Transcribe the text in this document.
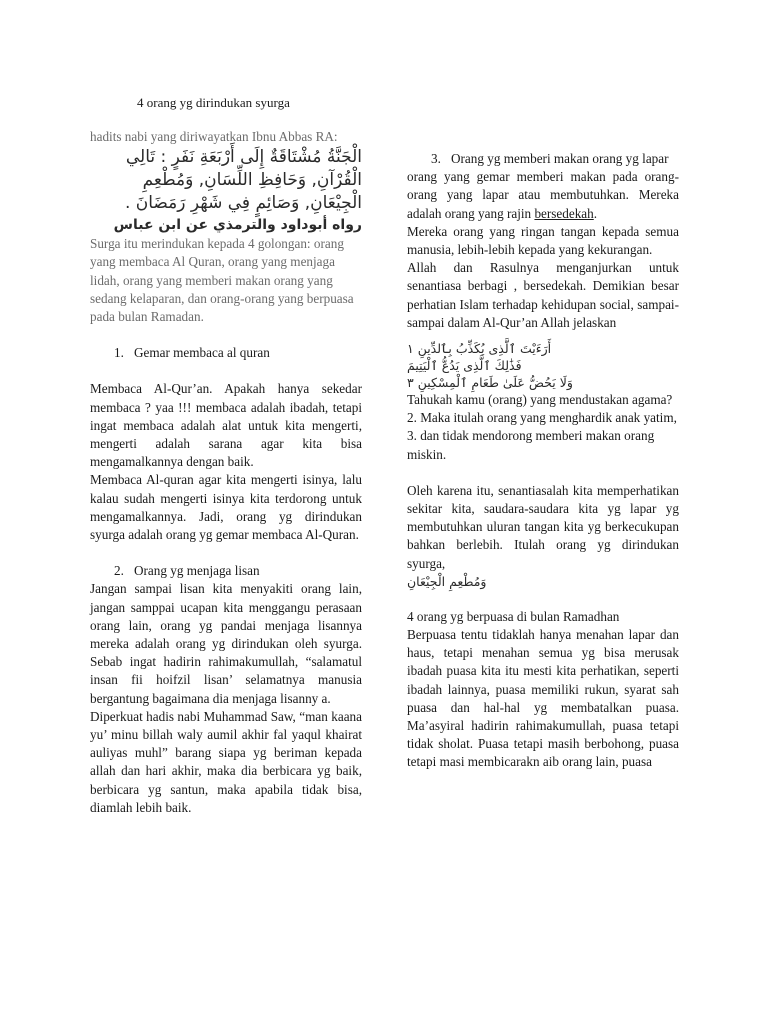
4 orang yg dirindukan syurga

hadits nabi yang diriwayatkan Ibnu Abbas RA:

الْجَنَّةُ مُشْتَاقَةٌ إِلَى أَرْبَعَةِ نَفَرٍ : تَالِي الْقُرْآنِ, وَحَافِظِ اللِّسَانِ, وَمُطْعِمِ الْجِيْعَانِ, وَصَائِمٍ فِي شَهْرِ رَمَضَانَ .

رواه أبوداود والترمذي عن ابن عباس

Surga itu merindukan kepada 4 golongan: orang yang membaca Al Quran, orang yang menjaga lidah, orang yang memberi makan orang yang sedang kelaparan, dan orang-orang yang berpuasa pada bulan Ramadan.

1. Gemar membaca al quran

Membaca Al-Qur’an. Apakah hanya sekedar membaca ? yaa !!! membaca adalah ibadah, tetapi ingat membaca adalah alat untuk kita mengerti, mengerti adalah sarana agar kita bisa mengamalkannya dengan baik.

Membaca Al-quran agar kita mengerti isinya, lalu kalau sudah mengerti isinya kita terdorong untuk mengamalkannya. Jadi, orang yg dirindukan syurga adalah orang yg gemar membaca Al-Quran.

2. Orang yg menjaga lisan

Jangan sampai lisan kita menyakiti orang lain, jangan samppai ucapan kita menggangu perasaan orang lain, orang yg pandai menjaga lisannya mereka adalah orang yg dirindukan oleh syurga. Sebab ingat hadirin rahimakumullah, “salamatul insan fii hoifzil lisan’ selamatnya manusia bergantung bagaimana dia menjaga lisanny a.

Diperkuat hadis nabi Muhammad Saw, “man kaana yu’ minu billah waly aumil akhir fal yaqul khairat auliyas muhl” barang siapa yg beriman kepada allah dan hari akhir, maka dia berbicara yg baik, berbicara yg santun, maka apabila tidak bisa, diamlah lebih baik.

3. Orang yg memberi makan orang yg lapar

orang yang gemar memberi makan pada orang-orang yang lapar atau membutuhkan. Mereka adalah orang yang rajin bersedekah.

Mereka orang yang ringan tangan kepada semua manusia, lebih-lebih kepada yang kekurangan.

Allah dan Rasulnya menganjurkan untuk senantiasa berbagi , bersedekah. Demikian besar perhatian Islam terhadap kehidupan social, sampai-sampai dalam Al-Qur’an Allah jelaskan

أَرَءَيْتَ ٱلَّذِى يُكَذِّبُ بِٱلدِّينِ ١

فَذَٰلِكَ ٱلَّذِى يَدُعُّ ٱلْيَتِيمَ

وَلَا يَحُضُّ عَلَىٰ طَعَامِ ٱلْمِسْكِينِ ٣

Tahukah kamu (orang) yang mendustakan agama?

2. Maka itulah orang yang menghardik anak yatim,

3. dan tidak mendorong memberi makan orang miskin.

Oleh karena itu, senantiasalah kita memperhatikan sekitar kita, saudara-saudara kita yg lapar yg membutuhkan uluran tangan kita yg berkecukupan bahkan berlebih. Itulah orang yg dirindukan syurga,

وَمُطْعِمِ الْجِيْعَانِ

4 orang yg berpuasa di bulan Ramadhan

Berpuasa tentu tidaklah hanya menahan lapar dan haus, tetapi menahan semua yg bisa merusak ibadah puasa kita itu mesti kita perhatikan, seperti ibadah lainnya, puasa memiliki rukun, syarat sah puasa dan hal-hal yg membatalkan puasa. Ma’asyiral hadirin rahimakumullah, puasa tetapi tidak sholat. Puasa tetapi masih berbohong, puasa tetapi masi membicarakn aib orang lain, puasa
